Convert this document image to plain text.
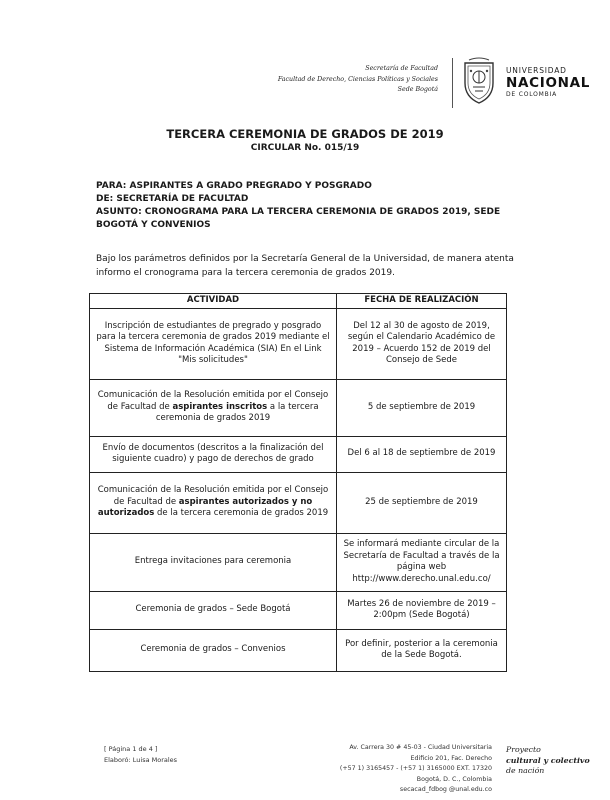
Secretaría de Facultad
Facultad de Derecho, Ciencias Políticas y Sociales
Sede Bogotá
UNIVERSIDAD
NACIONAL
DE COLOMBIA
TERCERA CEREMONIA DE GRADOS DE 2019
CIRCULAR No. 015/19
PARA: ASPIRANTES A GRADO PREGRADO Y POSGRADO
DE: SECRETARÍA DE FACULTAD
ASUNTO: CRONOGRAMA PARA LA TERCERA CEREMONIA DE GRADOS 2019, SEDE BOGOTÁ Y CONVENIOS
Bajo los parámetros definidos por la Secretaría General de la Universidad, de manera atenta informo el cronograma para la tercera ceremonia de grados 2019.
ACTIVIDAD	FECHA DE REALIZACIÓN
Inscripción de estudiantes de pregrado y posgrado para la tercera ceremonia de grados 2019 mediante el Sistema de Información Académica (SIA) En el Link "Mis solicitudes"	Del 12 al 30 de agosto de 2019, según el Calendario Académico de 2019 – Acuerdo 152 de 2019 del Consejo de Sede
Comunicación de la Resolución emitida por el Consejo de Facultad de aspirantes inscritos a la tercera ceremonia de grados 2019	5 de septiembre de 2019
Envío de documentos (descritos a la finalización del siguiente cuadro) y pago de derechos de grado	Del 6 al 18 de septiembre de 2019
Comunicación de la Resolución emitida por el Consejo de Facultad de aspirantes autorizados y no autorizados de la tercera ceremonia de grados 2019	25 de septiembre de 2019
Entrega invitaciones para ceremonia	Se informará mediante circular de la Secretaría de Facultad a través de la página web http://www.derecho.unal.edu.co/
Ceremonia de grados – Sede Bogotá	Martes 26 de noviembre de 2019 – 2:00pm (Sede Bogotá)
Ceremonia de grados – Convenios	Por definir, posterior a la ceremonia de la Sede Bogotá.
[ Página 1 de 4 ]
Elaboró: Luisa Morales
Av. Carrera 30 # 45-03 - Ciudad Universitaria
Edificio 201, Fac. Derecho
(+57 1) 3165457 - (+57 1) 3165000 EXT. 17320
Bogotá, D. C., Colombia
secacad_fdbog @unal.edu.co
Proyecto
cultural y colectivo
de nación
